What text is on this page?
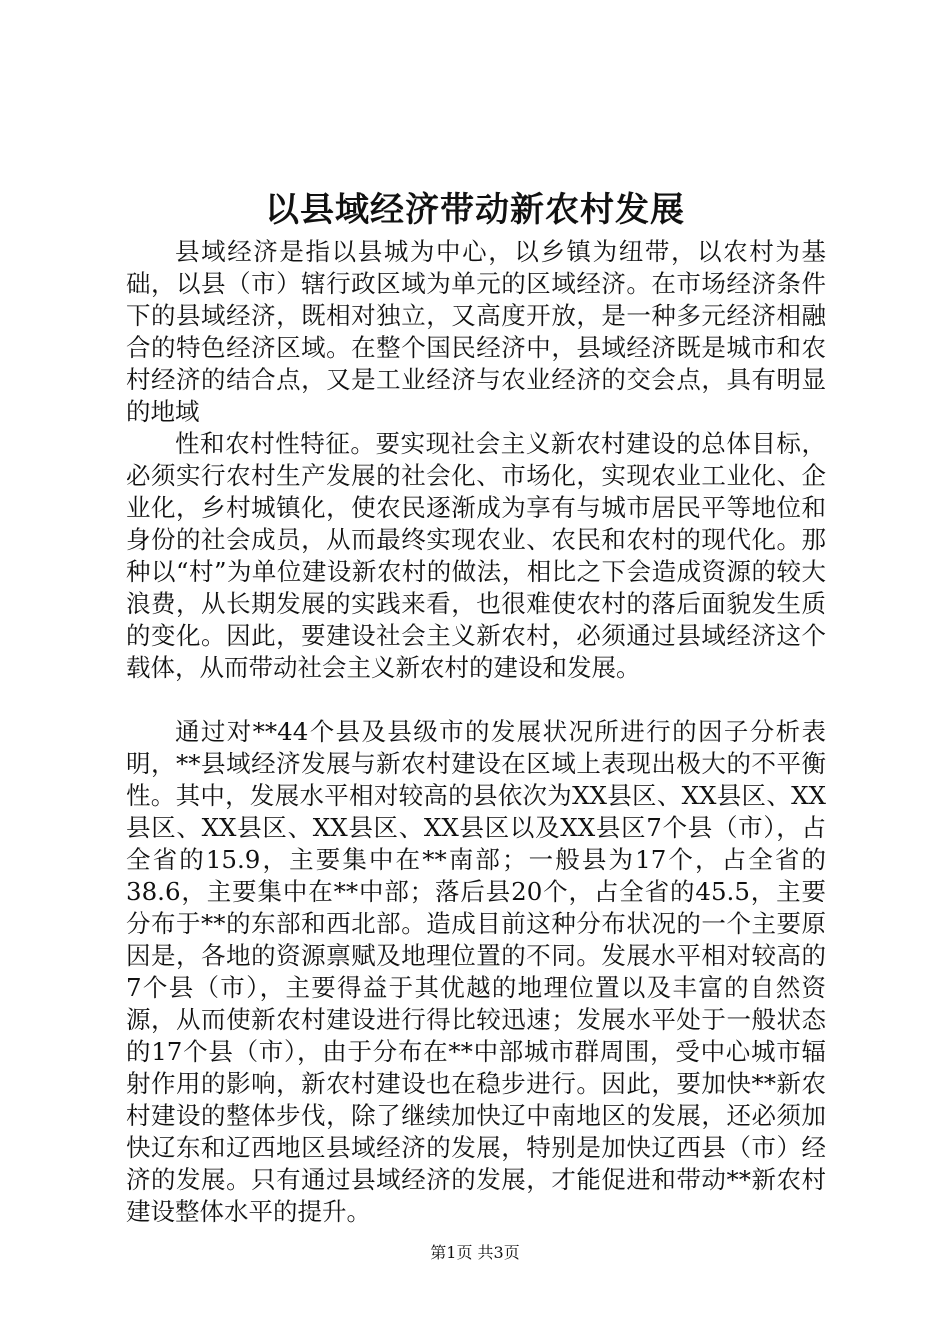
以县域经济带动新农村发展

县域经济是指以县城为中心，以乡镇为纽带，以农村为基础，以县（市）辖行政区域为单元的区域经济。在市场经济条件下的县域经济，既相对独立，又高度开放，是一种多元经济相融合的特色经济区域。在整个国民经济中，县域经济既是城市和农村经济的结合点，又是工业经济与农业经济的交会点，具有明显的地域

性和农村性特征。要实现社会主义新农村建设的总体目标，必须实行农村生产发展的社会化、市场化，实现农业工业化、企业化，乡村城镇化，使农民逐渐成为享有与城市居民平等地位和身份的社会成员，从而最终实现农业、农民和农村的现代化。那种以“村”为单位建设新农村的做法，相比之下会造成资源的较大浪费，从长期发展的实践来看，也很难使农村的落后面貌发生质的变化。因此，要建设社会主义新农村，必须通过县域经济这个载体，从而带动社会主义新农村的建设和发展。

通过对**44个县及县级市的发展状况所进行的因子分析表明，**县域经济发展与新农村建设在区域上表现出极大的不平衡性。其中，发展水平相对较高的县依次为XX县区、XX县区、XX县区、XX县区、XX县区、XX县区以及XX县区7个县（市），占全省的15.9，主要集中在**南部；一般县为17个，占全省的38.6，主要集中在**中部；落后县20个，占全省的45.5，主要分布于**的东部和西北部。造成目前这种分布状况的一个主要原因是，各地的资源禀赋及地理位置的不同。发展水平相对较高的7个县（市），主要得益于其优越的地理位置以及丰富的自然资源，从而使新农村建设进行得比较迅速；发展水平处于一般状态的17个县（市），由于分布在**中部城市群周围，受中心城市辐射作用的影响，新农村建设也在稳步进行。因此，要加快**新农村建设的整体步伐，除了继续加快辽中南地区的发展，还必须加快辽东和辽西地区县域经济的发展，特别是加快辽西县（市）经济的发展。只有通过县域经济的发展，才能促进和带动**新农村建设整体水平的提升。

第1页 共3页
